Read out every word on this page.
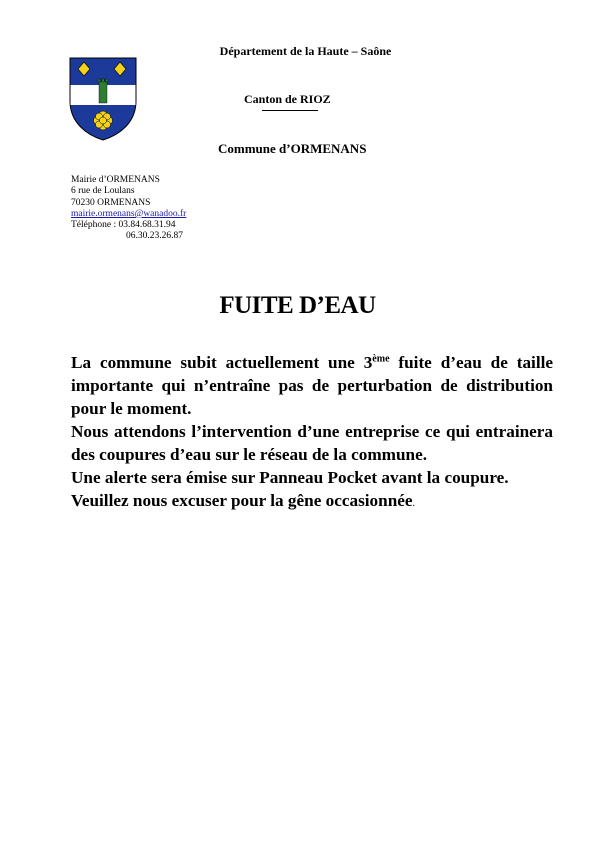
Département de la Haute – Saône
Canton de RIOZ
Commune d’ORMENANS
Mairie d’ORMENANS
6 rue de Loulans
70230 ORMENANS
mairie.ormenans@wanadoo.fr
Téléphone : 03.84.68.31.94
06.30.23.26.87
FUITE D’EAU

La commune subit actuellement une 3ème fuite d’eau de taille importante qui n’entraîne pas de perturbation de distribution pour le moment.

Nous attendons l’intervention d’une entreprise ce qui entrainera des coupures d’eau sur le réseau de la commune.

Une alerte sera émise sur Panneau Pocket avant la coupure.

Veuillez nous excuser pour la gêne occasionnée.
